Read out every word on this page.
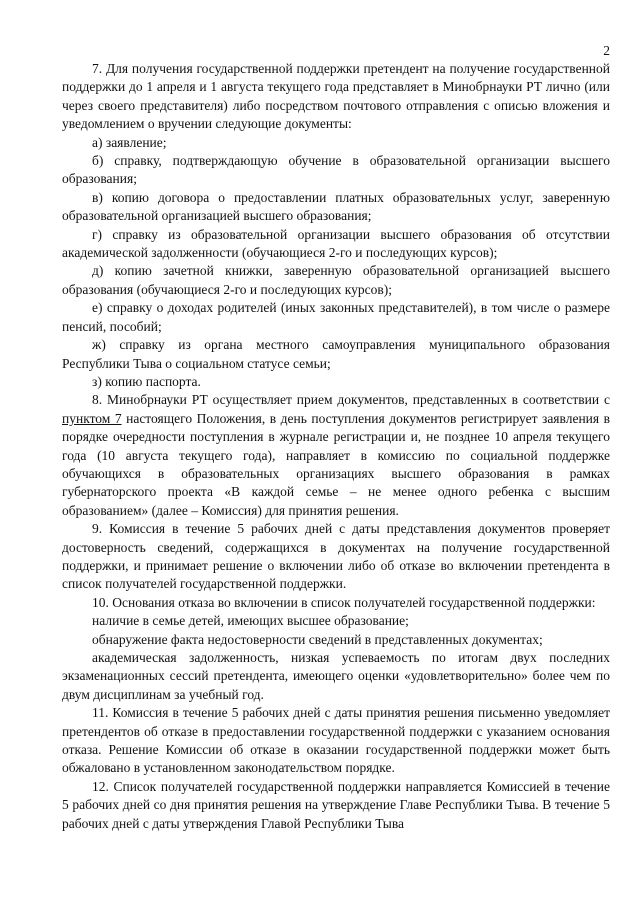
2

7. Для получения государственной поддержки претендент на получение государственной поддержки до 1 апреля и 1 августа текущего года представляет в Минобрнауки РТ лично (или через своего представителя) либо посредством почтового отправления с описью вложения и уведомлением о вручении следующие документы:

а) заявление;

б) справку, подтверждающую обучение в образовательной организации высшего образования;

в) копию договора о предоставлении платных образовательных услуг, заверенную образовательной организацией высшего образования;

г) справку из образовательной организации высшего образования об отсутствии академической задолженности (обучающиеся 2-го и последующих курсов);

д) копию зачетной книжки, заверенную образовательной организацией высшего образования (обучающиеся 2-го и последующих курсов);

е) справку о доходах родителей (иных законных представителей), в том числе о размере пенсий, пособий;

ж) справку из органа местного самоуправления муниципального образования Республики Тыва о социальном статусе семьи;

з) копию паспорта.

8. Минобрнауки РТ осуществляет прием документов, представленных в соответствии с пунктом 7 настоящего Положения, в день поступления документов регистрирует заявления в порядке очередности поступления в журнале регистрации и, не позднее 10 апреля текущего года (10 августа текущего года), направляет в комиссию по социальной поддержке обучающихся в образовательных организациях высшего образования в рамках губернаторского проекта «В каждой семье – не менее одного ребенка с высшим образованием» (далее – Комиссия) для принятия решения.

9. Комиссия в течение 5 рабочих дней с даты представления документов проверяет достоверность сведений, содержащихся в документах на получение государственной поддержки, и принимает решение о включении либо об отказе во включении претендента в список получателей государственной поддержки.

10. Основания отказа во включении в список получателей государственной поддержки:

наличие в семье детей, имеющих высшее образование;

обнаружение факта недостоверности сведений в представленных документах;

академическая задолженность, низкая успеваемость по итогам двух последних экзаменационных сессий претендента, имеющего оценки «удовлетворительно» более чем по двум дисциплинам за учебный год.

11. Комиссия в течение 5 рабочих дней с даты принятия решения письменно уведомляет претендентов об отказе в предоставлении государственной поддержки с указанием основания отказа. Решение Комиссии об отказе в оказании государственной поддержки может быть обжаловано в установленном законодательством порядке.

12. Список получателей государственной поддержки направляется Комиссией в течение 5 рабочих дней со дня принятия решения на утверждение Главе Республики Тыва. В течение 5 рабочих дней с даты утверждения Главой Республики Тыва
